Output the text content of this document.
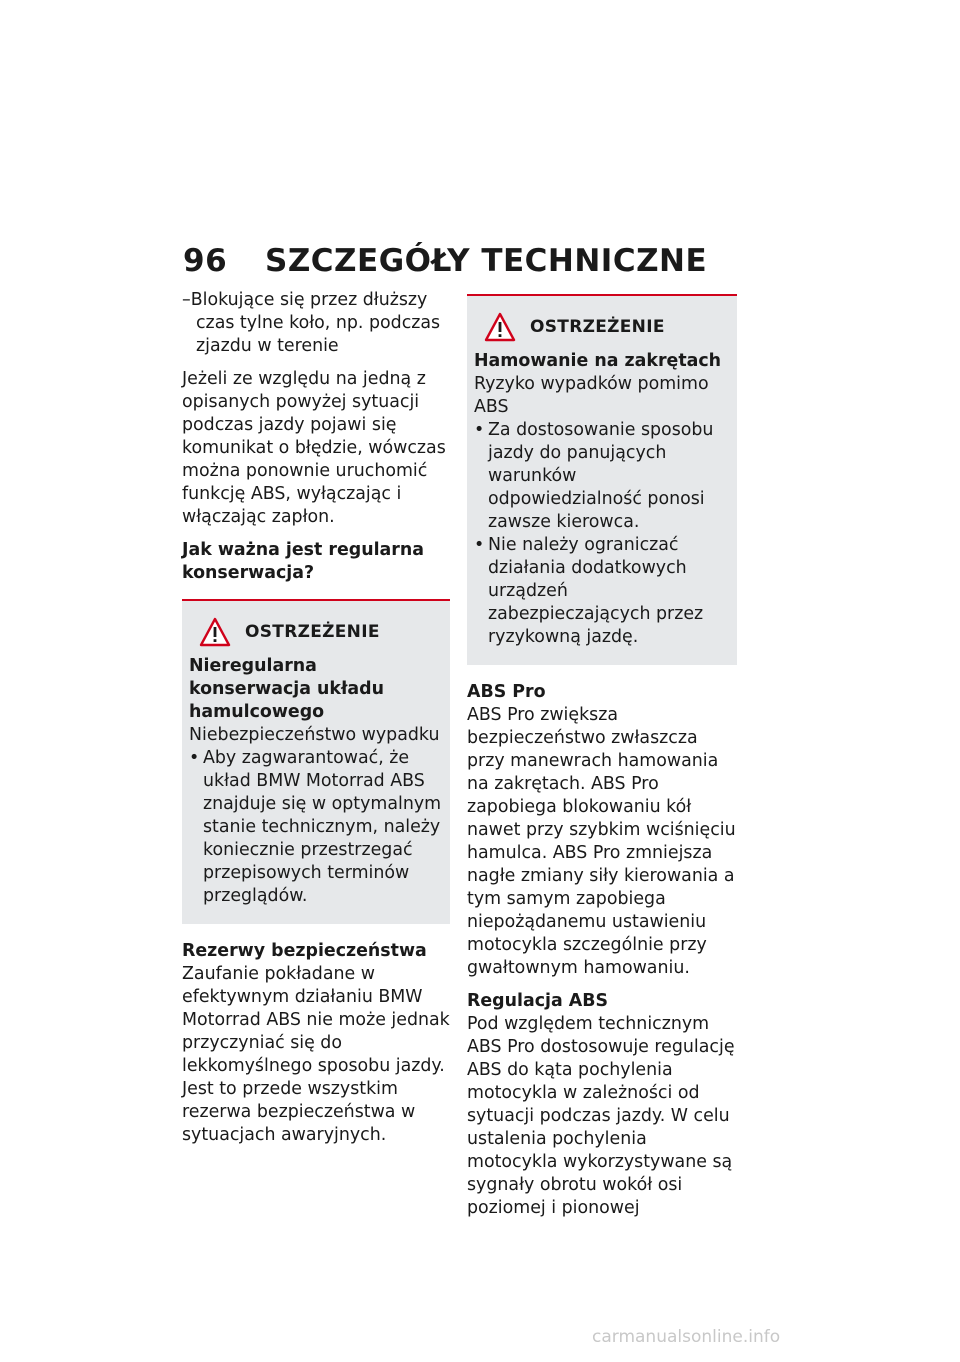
96 SZCZEGÓŁY TECHNICZNE

–Blokujące się przez dłuższy czas tylne koło, np. podczas zjazdu w terenie

Jeżeli ze względu na jedną z opisanych powyżej sytuacji podczas jazdy pojawi się komunikat o błędzie, wówczas można ponownie uruchomić funkcję ABS, wyłączając i włączając zapłon.

Jak ważna jest regularna konserwacja?

OSTRZEŻENIE

Nieregularna konserwacja układu hamulcowego

Niebezpieczeństwo wypadku

• Aby zagwarantować, że układ BMW Motorrad ABS znajduje się w optymalnym stanie technicznym, należy koniecznie przestrzegać przepisowych terminów przeglądów.

Rezerwy bezpieczeństwa

Zaufanie pokładane w efektywnym działaniu BMW Motorrad ABS nie może jednak przyczyniać się do lekkomyślnego sposobu jazdy. Jest to przede wszystkim rezerwa bezpieczeństwa w sytuacjach awaryjnych.

OSTRZEŻENIE

Hamowanie na zakrętach

Ryzyko wypadków pomimo ABS

• Za dostosowanie sposobu jazdy do panujących warunków odpowiedzialność ponosi zawsze kierowca.

• Nie należy ograniczać działania dodatkowych urządzeń zabezpieczających przez ryzykowną jazdę.

ABS Pro

ABS Pro zwiększa bezpieczeństwo zwłaszcza przy manewrach hamowania na zakrętach. ABS Pro zapobiega blokowaniu kół nawet przy szybkim wciśnięciu hamulca. ABS Pro zmniejsza nagłe zmiany siły kierowania a tym samym zapobiega niepożądanemu ustawieniu motocykla szczególnie przy gwałtownym hamowaniu.

Regulacja ABS

Pod względem technicznym ABS Pro dostosowuje regulację ABS do kąta pochylenia motocykla w zależności od sytuacji podczas jazdy. W celu ustalenia pochylenia motocykla wykorzystywane są sygnały obrotu wokół osi poziomej i pionowej

carmanualsonline.info
